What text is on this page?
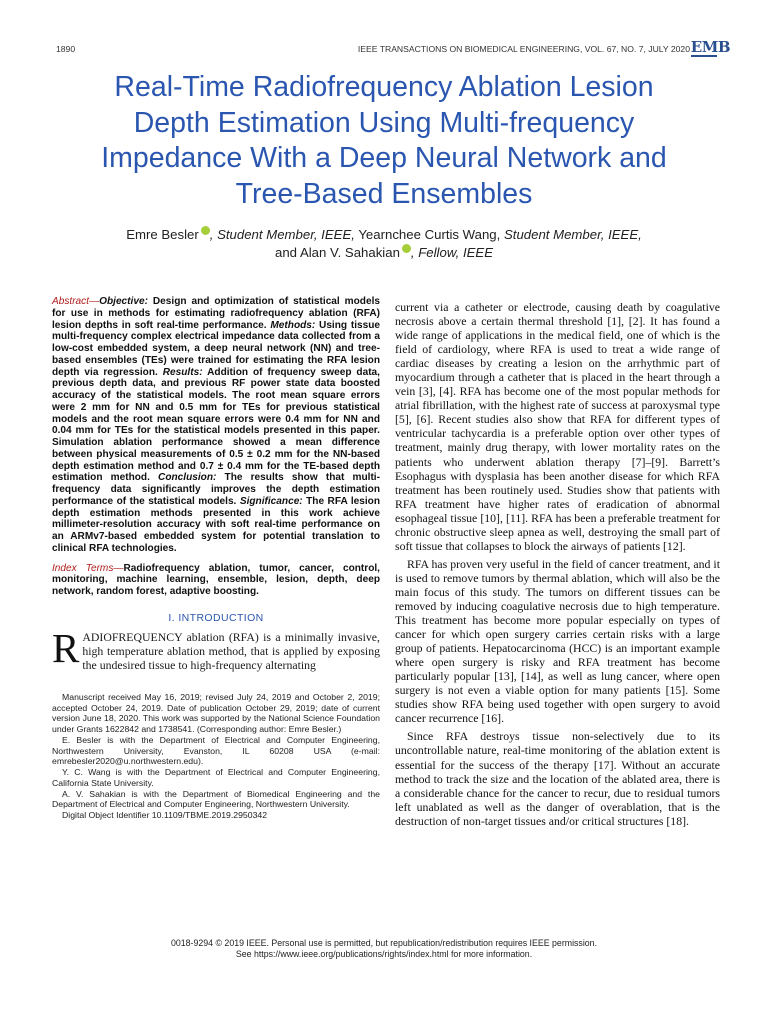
1890	IEEE TRANSACTIONS ON BIOMEDICAL ENGINEERING, VOL. 67, NO. 7, JULY 2020 EMB
Real-Time Radiofrequency Ablation Lesion
Depth Estimation Using Multi-frequency
Impedance With a Deep Neural Network and
Tree-Based Ensembles
Emre Besler , Student Member, IEEE, Yearnchee Curtis Wang, Student Member, IEEE,
and Alan V. Sahakian , Fellow, IEEE

Abstract—Objective: Design and optimization of statistical models for use in methods for estimating radiofrequency ablation (RFA) lesion depths in soft real-time performance. Methods: Using tissue multi-frequency complex electrical impedance data collected from a low-cost embedded system, a deep neural network (NN) and tree-based ensembles (TEs) were trained for estimating the RFA lesion depth via regression. Results: Addition of frequency sweep data, previous depth data, and previous RF power state data boosted accuracy of the statistical models. The root mean square errors were 2 mm for NN and 0.5 mm for TEs for previous statistical models and the root mean square errors were 0.4 mm for NN and 0.04 mm for TEs for the statistical models presented in this paper. Simulation ablation performance showed a mean difference between physical measurements of 0.5 ± 0.2 mm for the NN-based depth estimation method and 0.7 ± 0.4 mm for the TE-based depth estimation method. Conclusion: The results show that multi-frequency data significantly improves the depth estimation performance of the statistical models. Significance: The RFA lesion depth estimation methods presented in this work achieve millimeter-resolution accuracy with soft real-time performance on an ARMv7-based embedded system for potential translation to clinical RFA technologies.

Index Terms—Radiofrequency ablation, tumor, cancer, control, monitoring, machine learning, ensemble, lesion, depth, deep network, random forest, adaptive boosting.

I. INTRODUCTION

RADIOFREQUENCY ablation (RFA) is a minimally invasive, high temperature ablation method, that is applied by exposing the undesired tissue to high-frequency alternating

Manuscript received May 16, 2019; revised July 24, 2019 and October 2, 2019; accepted October 24, 2019. Date of publication October 29, 2019; date of current version June 18, 2020. This work was supported by the National Science Foundation under Grants 1622842 and 1738541. (Corresponding author: Emre Besler.)

E. Besler is with the Department of Electrical and Computer Engineering, Northwestern University, Evanston, IL 60208 USA (e-mail: emrebesler2020@u.northwestern.edu).

Y. C. Wang is with the Department of Electrical and Computer Engineering, California State University.

A. V. Sahakian is with the Department of Biomedical Engineering and the Department of Electrical and Computer Engineering, Northwestern University.

Digital Object Identifier 10.1109/TBME.2019.2950342

current via a catheter or electrode, causing death by coagulative necrosis above a certain thermal threshold [1], [2]. It has found a wide range of applications in the medical field, one of which is the field of cardiology, where RFA is used to treat a wide range of cardiac diseases by creating a lesion on the arrhythmic part of myocardium through a catheter that is placed in the heart through a vein [3], [4]. RFA has become one of the most popular methods for atrial fibrillation, with the highest rate of success at paroxysmal type [5], [6]. Recent studies also show that RFA for different types of ventricular tachycardia is a preferable option over other types of treatment, mainly drug therapy, with lower mortality rates on the patients who underwent ablation therapy [7]–[9]. Barrett’s Esophagus with dysplasia has been another disease for which RFA treatment has been routinely used. Studies show that patients with RFA treatment have higher rates of eradication of abnormal esophageal tissue [10], [11]. RFA has been a preferable treatment for chronic obstructive sleep apnea as well, destroying the small part of soft tissue that collapses to block the airways of patients [12].

RFA has proven very useful in the field of cancer treatment, and it is used to remove tumors by thermal ablation, which will also be the main focus of this study. The tumors on different tissues can be removed by inducing coagulative necrosis due to high temperature. This treatment has become more popular especially on types of cancer for which open surgery carries certain risks with a large group of patients. Hepatocarcinoma (HCC) is an important example where open surgery is risky and RFA treatment has become particularly popular [13], [14], as well as lung cancer, where open surgery is not even a viable option for many patients [15]. Some studies show RFA being used together with open surgery to avoid cancer recurrence [16].

Since RFA destroys tissue non-selectively due to its uncontrollable nature, real-time monitoring of the ablation extent is essential for the success of the therapy [17]. Without an accurate method to track the size and the location of the ablated area, there is a considerable chance for the cancer to recur, due to residual tumors left unablated as well as the danger of overablation, that is the destruction of non-target tissues and/or critical structures [18].

0018-9294 © 2019 IEEE. Personal use is permitted, but republication/redistribution requires IEEE permission.
See https://www.ieee.org/publications/rights/index.html for more information.
